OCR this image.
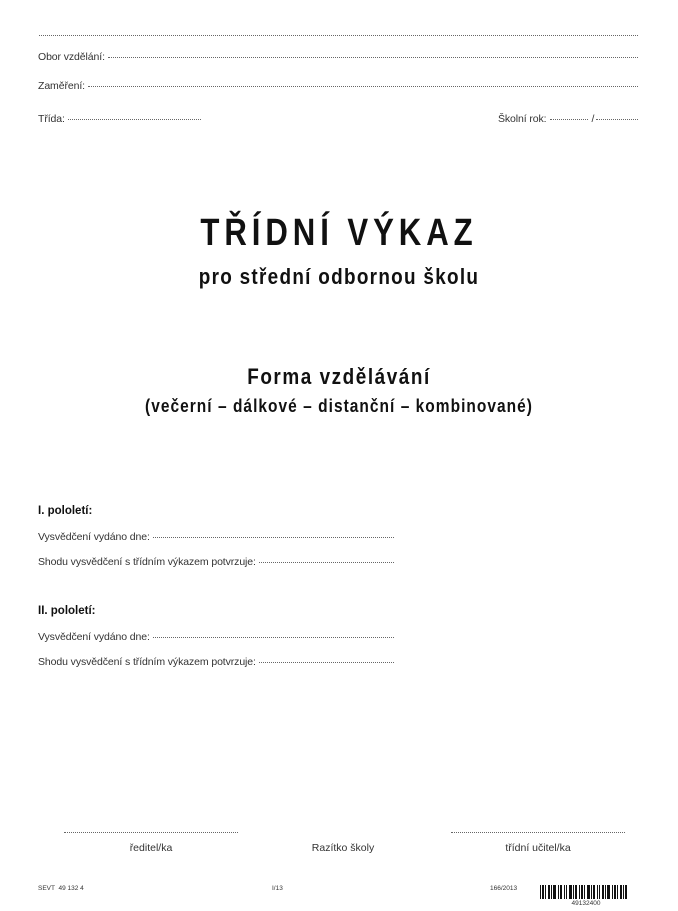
Obor vzdělání:
Zaměření:
Třída:	Školní rok:	/
TŘÍDNÍ VÝKAZ
pro střední odbornou školu
Forma vzdělávání
(večerní – dálkové – distanční – kombinované)
I. pololetí:
Vysvědčení vydáno dne:
Shodu vysvědčení s třídním výkazem potvrzuje:
II. pololetí:
Vysvědčení vydáno dne:
Shodu vysvědčení s třídním výkazem potvrzuje:
ředitel/ka	Razítko školy	třídní učitel/ka
SEVT  49 132 4	I/13	166/2013
49132400
